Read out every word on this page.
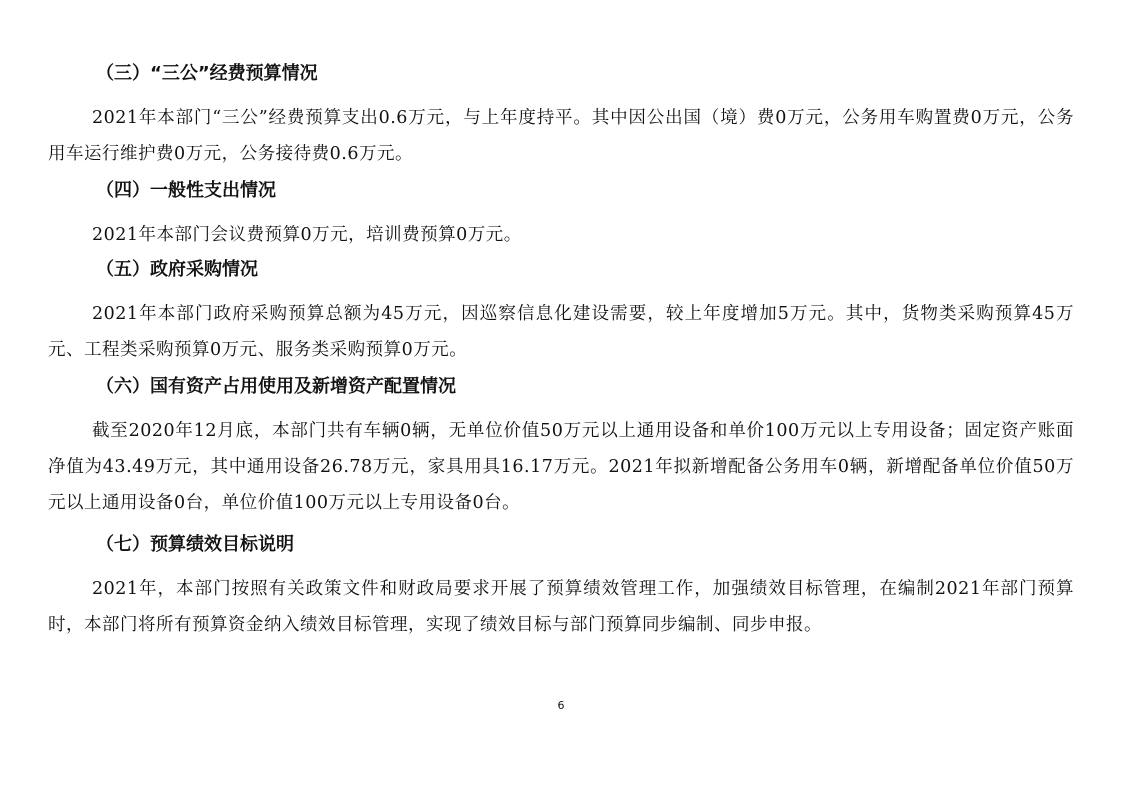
（三）“三公”经费预算情况

2021年本部门“三公”经费预算支出0.6万元，与上年度持平。其中因公出国（境）费0万元，公务用车购置费0万元，公务用车运行维护费0万元，公务接待费0.6万元。

（四）一般性支出情况

2021年本部门会议费预算0万元，培训费预算0万元。

（五）政府采购情况

2021年本部门政府采购预算总额为45万元，因巡察信息化建设需要，较上年度增加5万元。其中，货物类采购预算45万元、工程类采购预算0万元、服务类采购预算0万元。

（六）国有资产占用使用及新增资产配置情况

截至2020年12月底，本部门共有车辆0辆，无单位价值50万元以上通用设备和单价100万元以上专用设备；固定资产账面净值为43.49万元，其中通用设备26.78万元，家具用具16.17万元。2021年拟新增配备公务用车0辆，新增配备单位价值50万元以上通用设备0台，单位价值100万元以上专用设备0台。

（七）预算绩效目标说明

2021年，本部门按照有关政策文件和财政局要求开展了预算绩效管理工作，加强绩效目标管理，在编制2021年部门预算时，本部门将所有预算资金纳入绩效目标管理，实现了绩效目标与部门预算同步编制、同步申报。

6
